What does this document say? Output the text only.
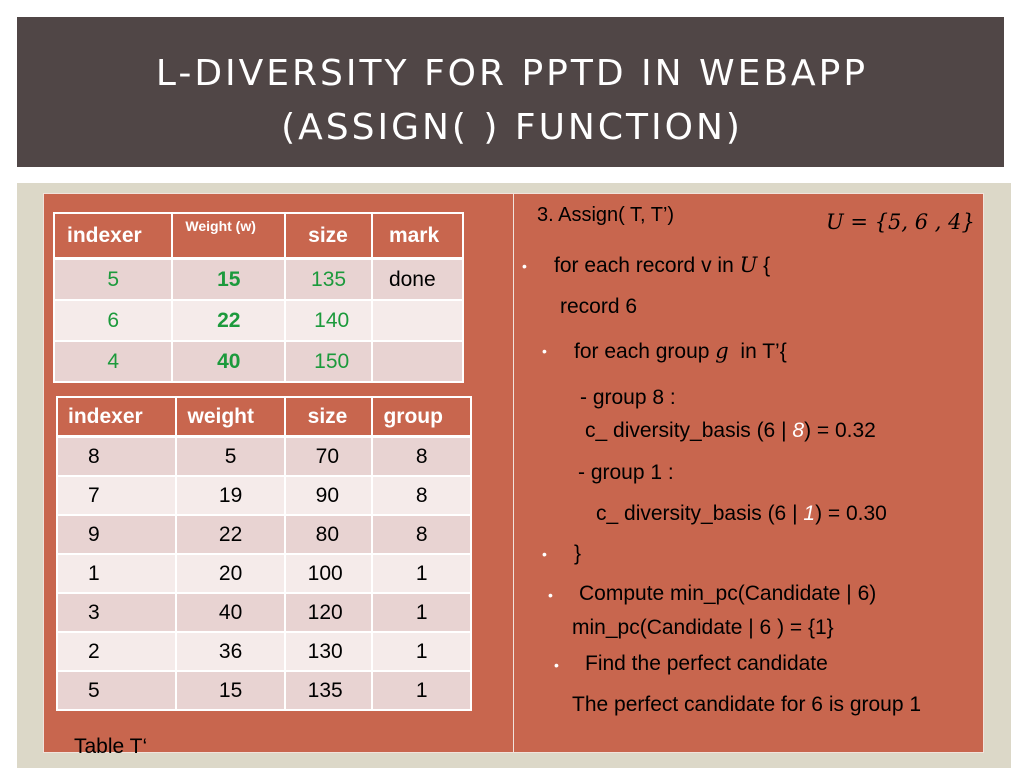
L-DIVERSITY FOR PPTD IN WEBAPP
(ASSIGN( ) FUNCTION)
indexer	Weight (w)	size	mark
5	15	135	done
6	22	140	
4	40	150	
indexer	weight	size	group
8	5	70	8
7	19	90	8
9	22	80	8
1	20	100	1
3	40	120	1
2	36	130	1
5	15	135	1
Table T‘
3. Assign( T, T’)	U = {5, 6 , 4}
• for each record v in U {
record 6
• for each group g in T’{
- group 8 :
c_ diversity_basis (6 | 8) = 0.32
- group 1 :
c_ diversity_basis (6 | 1) = 0.30
• }
• Compute min_pc(Candidate | 6)
min_pc(Candidate | 6 ) = {1}
• Find the perfect candidate
The perfect candidate for 6 is group 1
